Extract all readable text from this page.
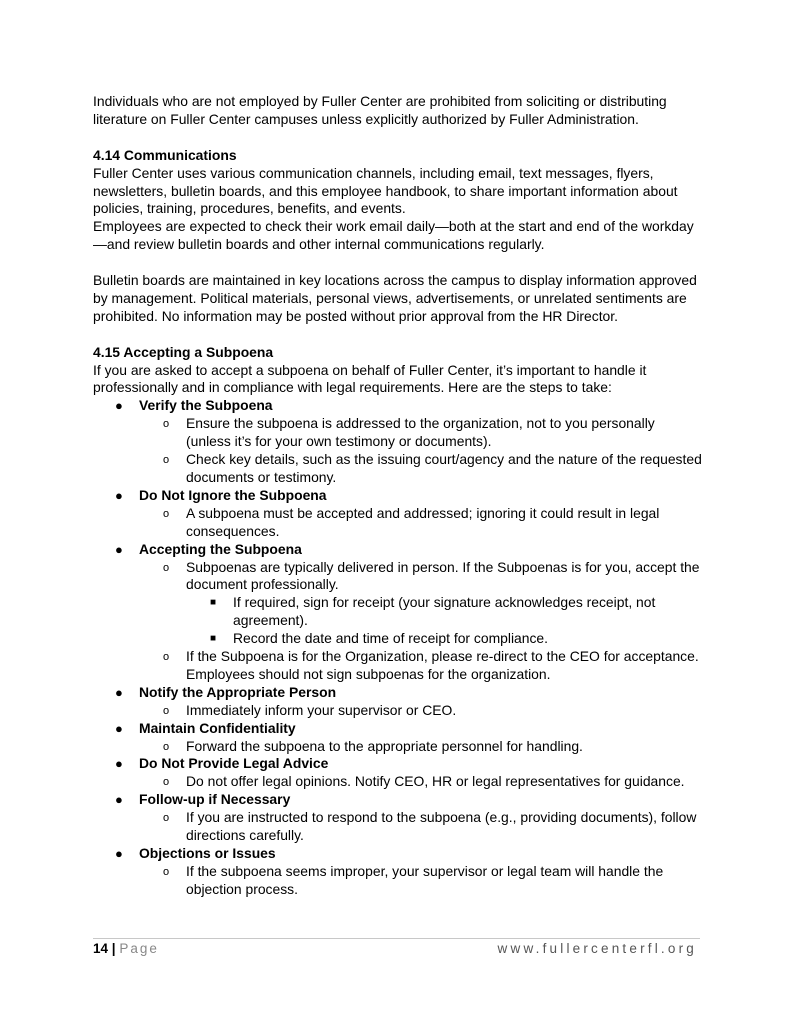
Individuals who are not employed by Fuller Center are prohibited from soliciting or distributing literature on Fuller Center campuses unless explicitly authorized by Fuller Administration.

4.14 Communications

Fuller Center uses various communication channels, including email, text messages, flyers, newsletters, bulletin boards, and this employee handbook, to share important information about policies, training, procedures, benefits, and events.

Employees are expected to check their work email daily—both at the start and end of the workday—and review bulletin boards and other internal communications regularly.

Bulletin boards are maintained in key locations across the campus to display information approved by management. Political materials, personal views, advertisements, or unrelated sentiments are prohibited. No information may be posted without prior approval from the HR Director.

4.15 Accepting a Subpoena

If you are asked to accept a subpoena on behalf of Fuller Center, it’s important to handle it professionally and in compliance with legal requirements. Here are the steps to take:

● Verify the Subpoena
o Ensure the subpoena is addressed to the organization, not to you personally (unless it’s for your own testimony or documents).
o Check key details, such as the issuing court/agency and the nature of the requested documents or testimony.
● Do Not Ignore the Subpoena
o A subpoena must be accepted and addressed; ignoring it could result in legal consequences.
● Accepting the Subpoena
o Subpoenas are typically delivered in person. If the Subpoenas is for you, accept the document professionally.
■ If required, sign for receipt (your signature acknowledges receipt, not agreement).
■ Record the date and time of receipt for compliance.
o If the Subpoena is for the Organization, please re-direct to the CEO for acceptance. Employees should not sign subpoenas for the organization.
● Notify the Appropriate Person
o Immediately inform your supervisor or CEO.
● Maintain Confidentiality
o Forward the subpoena to the appropriate personnel for handling.
● Do Not Provide Legal Advice
o Do not offer legal opinions. Notify CEO, HR or legal representatives for guidance.
● Follow-up if Necessary
o If you are instructed to respond to the subpoena (e.g., providing documents), follow directions carefully.
● Objections or Issues
o If the subpoena seems improper, your supervisor or legal team will handle the objection process.
14 | Page	www.fullercenterfl.org
